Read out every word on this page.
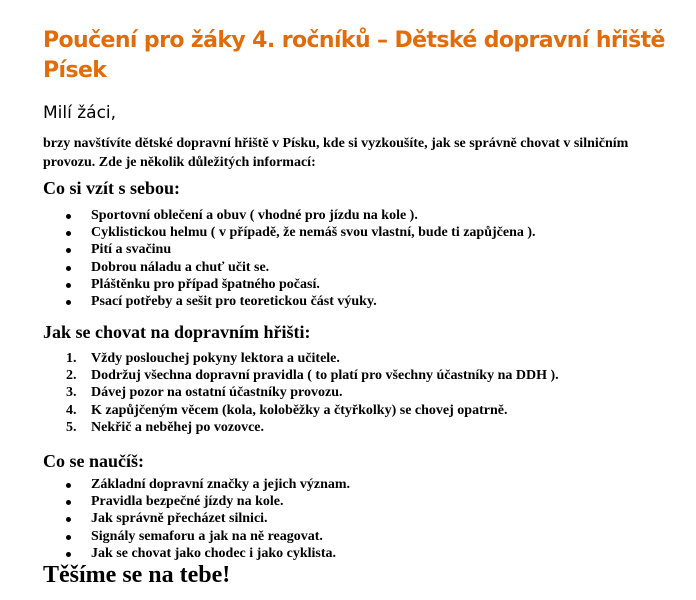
Poučení pro žáky 4. ročníků – Dětské dopravní hřiště Písek

Milí žáci,

brzy navštívíte dětské dopravní hřiště v Písku, kde si vyzkoušíte, jak se správně chovat v silničním provozu. Zde je několik důležitých informací:

Co si vzít s sebou:
Sportovní oblečení a obuv ( vhodné pro jízdu na kole ).
Cyklistickou helmu ( v případě, že nemáš svou vlastní, bude ti zapůjčena ).
Pití a svačinu
Dobrou náladu a chuť učit se.
Pláštěnku pro případ špatného počasí.
Psací potřeby a sešit pro teoretickou část výuky.
Jak se chovat na dopravním hřišti:
1. Vždy poslouchej pokyny lektora a učitele.
2. Dodržuj všechna dopravní pravidla ( to platí pro všechny účastníky na DDH ).
3. Dávej pozor na ostatní účastníky provozu.
4. K zapůjčeným věcem (kola, koloběžky a čtyřkolky) se chovej opatrně.
5. Nekřič a neběhej po vozovce.
Co se naučíš:
Základní dopravní značky a jejich význam.
Pravidla bezpečné jízdy na kole.
Jak správně přecházet silnici.
Signály semaforu a jak na ně reagovat.
Jak se chovat jako chodec i jako cyklista.

Těšíme se na tebe!
